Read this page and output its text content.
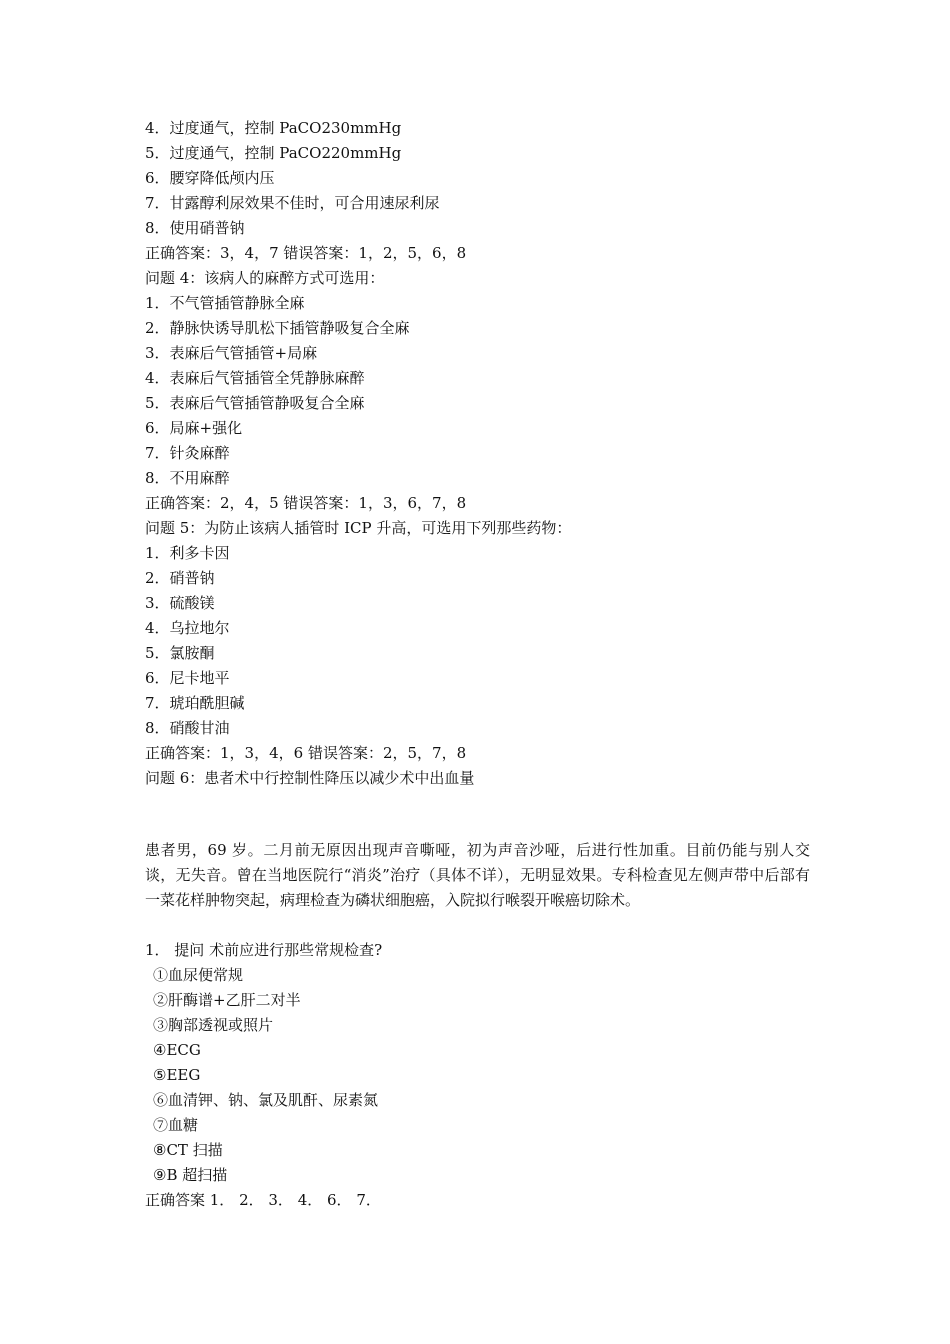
4．过度通气，控制 PaCO230mmHg
5．过度通气，控制 PaCO220mmHg
6．腰穿降低颅内压
7．甘露醇利尿效果不佳时，可合用速尿利尿
8．使用硝普钠
正确答案：3，4，7 错误答案：1，2，5，6，8
问题 4：该病人的麻醉方式可选用：
1．不气管插管静脉全麻
2．静脉快诱导肌松下插管静吸复合全麻
3．表麻后气管插管+局麻
4．表麻后气管插管全凭静脉麻醉
5．表麻后气管插管静吸复合全麻
6．局麻+强化
7．针灸麻醉
8．不用麻醉
正确答案：2，4，5 错误答案：1，3，6，7，8
问题 5：为防止该病人插管时 ICP 升高，可选用下列那些药物：
1．利多卡因
2．硝普钠
3．硫酸镁
4．乌拉地尔
5．氯胺酮
6．尼卡地平
7．琥珀酰胆碱
8．硝酸甘油
正确答案：1，3，4，6 错误答案：2，5，7，8
问题 6：患者术中行控制性降压以减少术中出血量
患者男，69 岁。二月前无原因出现声音嘶哑，初为声音沙哑，后进行性加重。目前仍能与别人交谈，无失音。曾在当地医院行“消炎”治疗（具体不详），无明显效果。专科检查见左侧声带中后部有一菜花样肿物突起，病理检查为磷状细胞癌，入院拟行喉裂开喉癌切除术。
1． 提问 术前应进行那些常规检查?
①血尿便常规
②肝酶谱+乙肝二对半
③胸部透视或照片
④ECG
⑤EEG
⑥血清钾、钠、氯及肌酐、尿素氮
⑦血糖
⑧CT 扫描
⑨B 超扫描
正确答案 1． 2． 3． 4． 6． 7．
